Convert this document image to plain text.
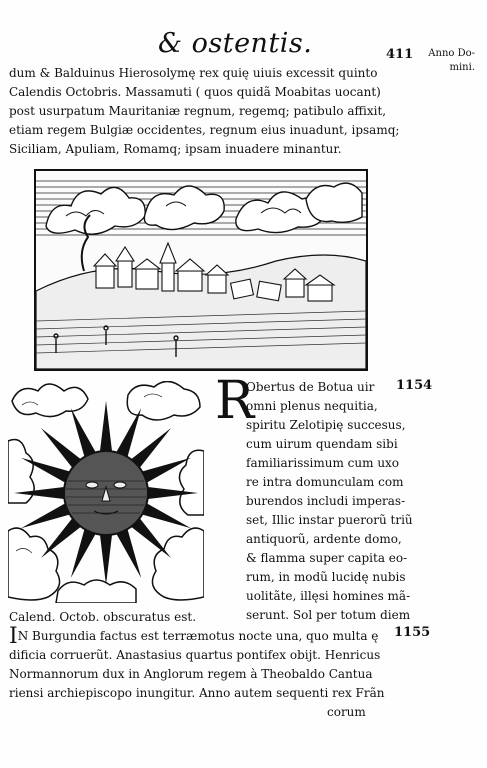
& ostentis.	411	Anno Do-
mini.
dum & Balduinus Hierosolymę rex quię uiuis excessit quinto
Calendis Octobris. Massamuti ( quos quidã Moabitas uocant)
post usurpatum Mauritaniæ regnum, regemq; patibulo affixit,
etiam regem Bulgiæ occidentes, regnum eius inuadunt, ipsamq;
Siciliam, Apuliam, Romamq; ipsam inuadere minantur.
R
Obertus de Botua uir
omni plenus nequitia,
spiritu Zelotipię succesus,
cum uirum quendam sibi
familiarissimum cum uxo
re intra domunculam com
burendos includi imperas-
set, Illic instar puerorũ triũ
antiquorũ, ardente domo,
& flamma super capita eo-
rum, in modũ lucidę nubis
uolitãte, illęsi homines mã-
serunt. Sol per totum diem
1154
1155
Calend. Octob. obscuratus est.
IN Burgundia factus est terræmotus nocte una, quo multa ę
dificia corruerũt. Anastasius quartus pontifex obijt. Henricus
Normannorum dux in Anglorum regem à Theobaldo Cantua
riensi archiepiscopo inungitur. Anno autem sequenti rex Frãn
corum
